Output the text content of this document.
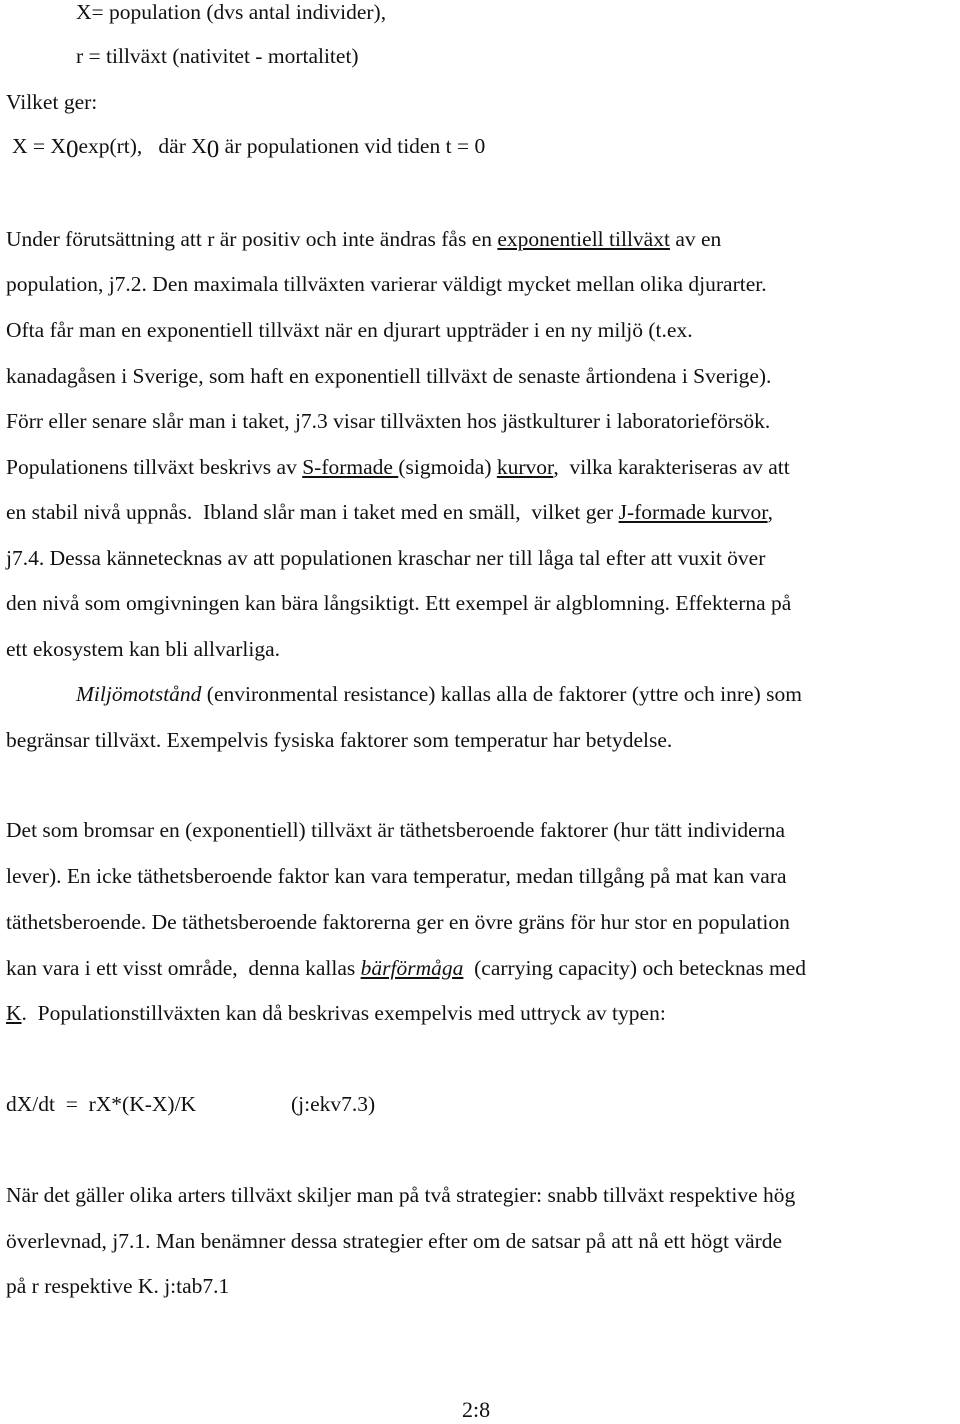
X= population (dvs antal individer),
r = tillväxt (nativitet - mortalitet)
Vilket ger:
X = X0exp(rt),   där X0 är populationen vid tiden t = 0
Under förutsättning att r är positiv och inte ändras fås en exponentiell tillväxt av en
population, j7.2. Den maximala tillväxten varierar väldigt mycket mellan olika djurarter.
Ofta får man en exponentiell tillväxt när en djurart uppträder i en ny miljö (t.ex.
kanadagåsen i Sverige, som haft en exponentiell tillväxt de senaste årtiondena i Sverige).
Förr eller senare slår man i taket, j7.3 visar tillväxten hos jästkulturer i laboratorieförsök.
Populationens tillväxt beskrivs av S-formade (sigmoida) kurvor,  vilka karakteriseras av att
en stabil nivå uppnås.  Ibland slår man i taket med en smäll,  vilket ger J-formade kurvor,
j7.4. Dessa kännetecknas av att populationen kraschar ner till låga tal efter att vuxit över
den nivå som omgivningen kan bära långsiktigt. Ett exempel är algblomning. Effekterna på
ett ekosystem kan bli allvarliga.
Miljömotstånd (environmental resistance) kallas alla de faktorer (yttre och inre) som
begränsar tillväxt. Exempelvis fysiska faktorer som temperatur har betydelse.
Det som bromsar en (exponentiell) tillväxt är täthetsberoende faktorer (hur tätt individerna
lever). En icke täthetsberoende faktor kan vara temperatur, medan tillgång på mat kan vara
täthetsberoende. De täthetsberoende faktorerna ger en övre gräns för hur stor en population
kan vara i ett visst område,  denna kallas bärförmåga  (carrying capacity) och betecknas med
K.  Populationstillväxten kan då beskrivas exempelvis med uttryck av typen:
dX/dt  =  rX*(K-X)/K	(j:ekv7.3)
När det gäller olika arters tillväxt skiljer man på två strategier: snabb tillväxt respektive hög
överlevnad, j7.1. Man benämner dessa strategier efter om de satsar på att nå ett högt värde
på r respektive K. j:tab7.1
2:8
